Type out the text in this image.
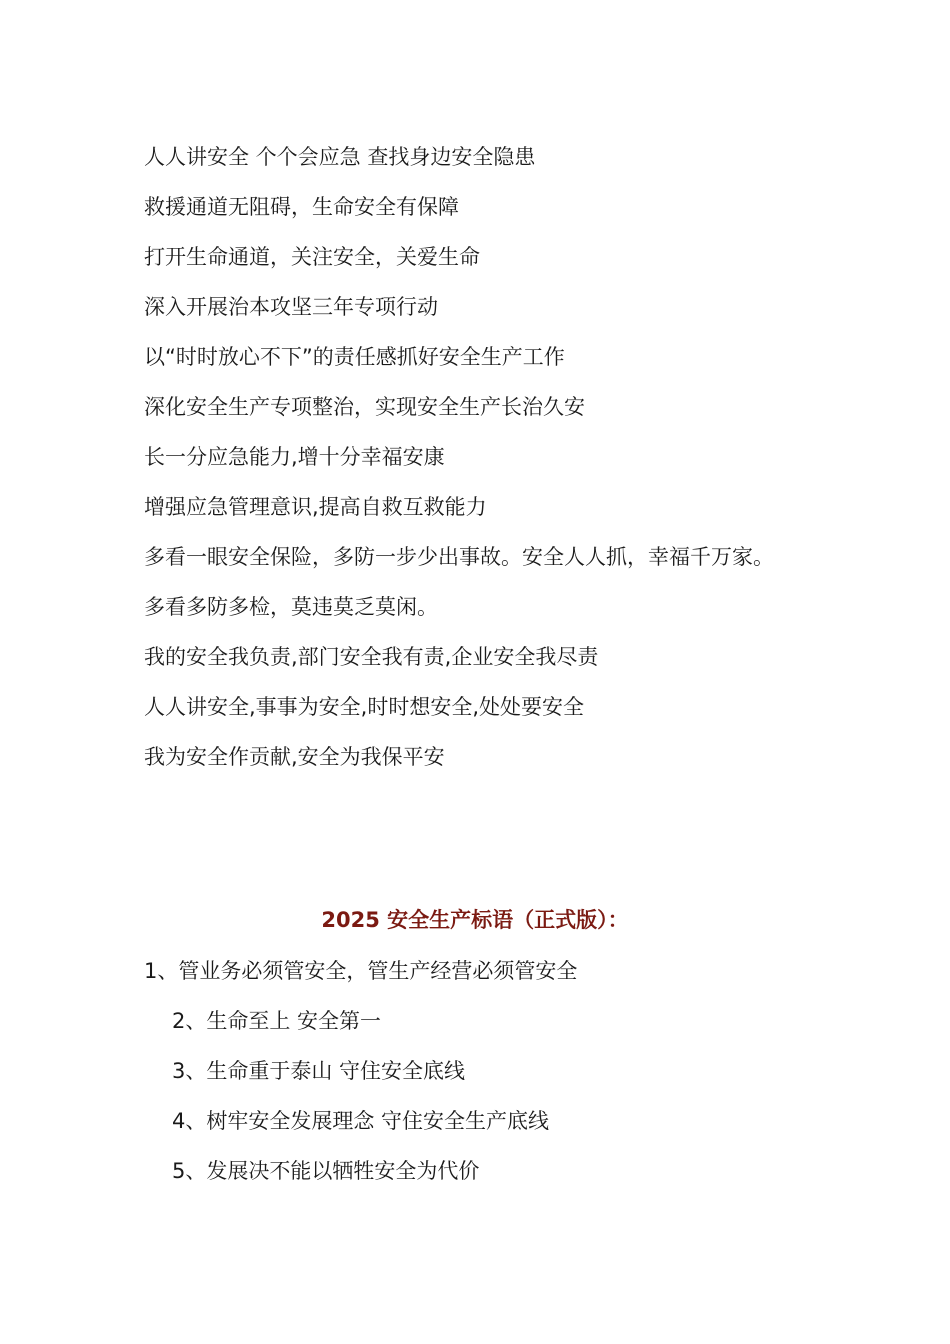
人人讲安全 个个会应急 查找身边安全隐患
救援通道无阻碍，生命安全有保障
打开生命通道，关注安全，关爱生命
深入开展治本攻坚三年专项行动
以“时时放心不下”的责任感抓好安全生产工作
深化安全生产专项整治，实现安全生产长治久安
长一分应急能力,增十分幸福安康
增强应急管理意识,提高自救互救能力
多看一眼安全保险，多防一步少出事故。安全人人抓，幸福千万家。
多看多防多检，莫违莫乏莫闲。
我的安全我负责,部门安全我有责,企业安全我尽责
人人讲安全,事事为安全,时时想安全,处处要安全
我为安全作贡献,安全为我保平安
2025 安全生产标语（正式版）：
1、管业务必须管安全，管生产经营必须管安全
2、生命至上 安全第一
3、生命重于泰山 守住安全底线
4、树牢安全发展理念 守住安全生产底线
5、发展决不能以牺牲安全为代价
